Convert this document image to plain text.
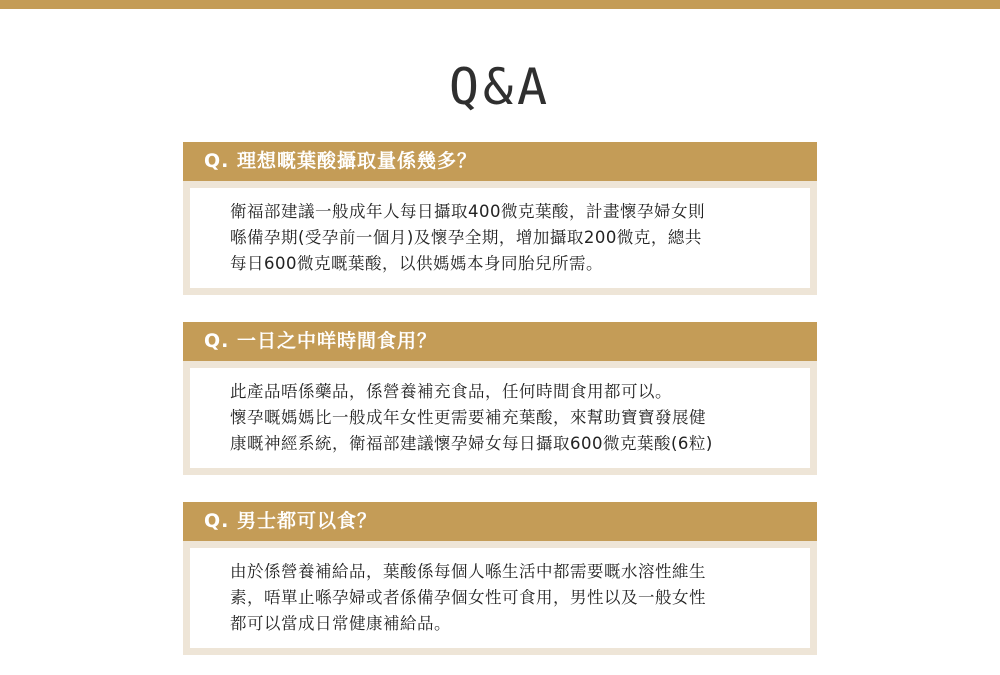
Q&A
Q. 理想嘅葉酸攝取量係幾多？
衛福部建議一般成年人每日攝取400微克葉酸，計畫懷孕婦女則
喺備孕期(受孕前一個月)及懷孕全期，增加攝取200微克，總共
每日600微克嘅葉酸，以供媽媽本身同胎兒所需。
Q. 一日之中咩時間食用？
此產品唔係藥品，係營養補充食品，任何時間食用都可以。
懷孕嘅媽媽比一般成年女性更需要補充葉酸，來幫助寶寶發展健
康嘅神經系統，衛福部建議懷孕婦女每日攝取600微克葉酸(6粒)
Q. 男士都可以食？
由於係營養補給品，葉酸係每個人喺生活中都需要嘅水溶性維生
素，唔單止喺孕婦或者係備孕個女性可食用，男性以及一般女性
都可以當成日常健康補給品。
